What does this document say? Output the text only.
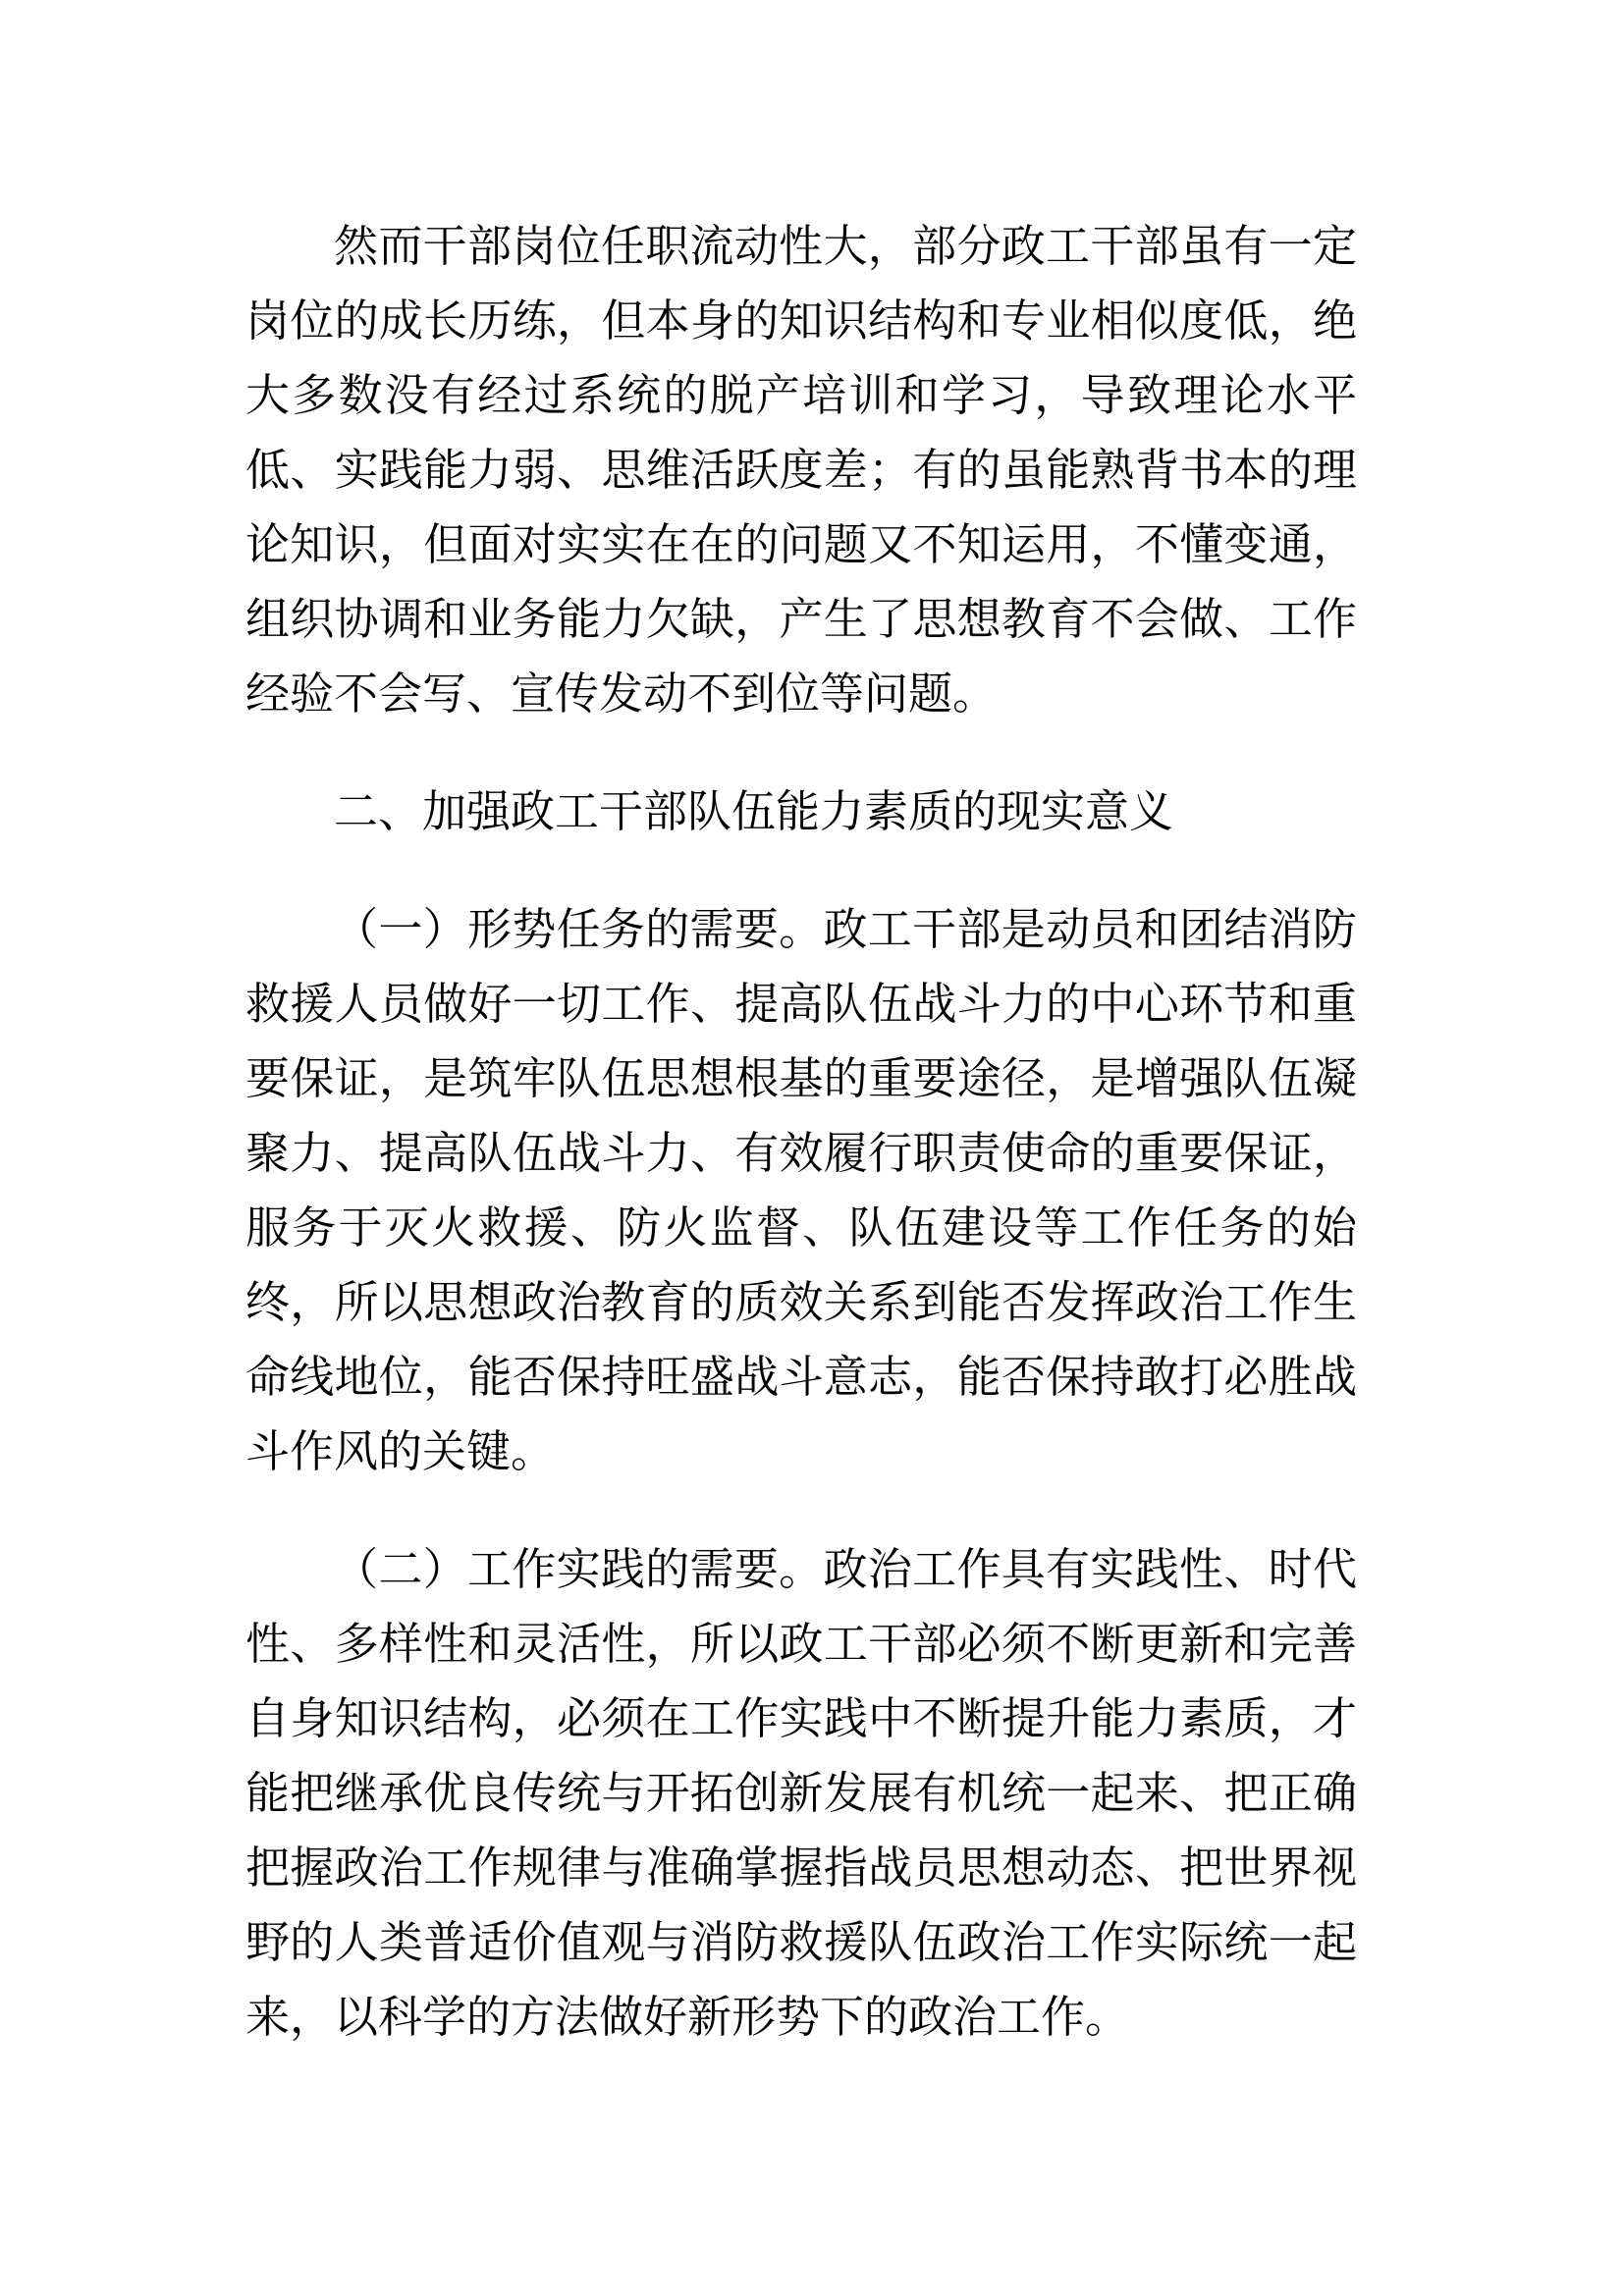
然而干部岗位任职流动性大，部分政工干部虽有一定岗位的成长历练，但本身的知识结构和专业相似度低，绝大多数没有经过系统的脱产培训和学习，导致理论水平低、实践能力弱、思维活跃度差；有的虽能熟背书本的理论知识，但面对实实在在的问题又不知运用，不懂变通，组织协调和业务能力欠缺，产生了思想教育不会做、工作经验不会写、宣传发动不到位等问题。

二、加强政工干部队伍能力素质的现实意义

（一）形势任务的需要。政工干部是动员和团结消防救援人员做好一切工作、提高队伍战斗力的中心环节和重要保证，是筑牢队伍思想根基的重要途径，是增强队伍凝聚力、提高队伍战斗力、有效履行职责使命的重要保证，服务于灭火救援、防火监督、队伍建设等工作任务的始终，所以思想政治教育的质效关系到能否发挥政治工作生命线地位，能否保持旺盛战斗意志，能否保持敢打必胜战斗作风的关键。

（二）工作实践的需要。政治工作具有实践性、时代性、多样性和灵活性，所以政工干部必须不断更新和完善自身知识结构，必须在工作实践中不断提升能力素质，才能把继承优良传统与开拓创新发展有机统一起来、把正确把握政治工作规律与准确掌握指战员思想动态、把世界视野的人类普适价值观与消防救援队伍政治工作实际统一起来，以科学的方法做好新形势下的政治工作。
